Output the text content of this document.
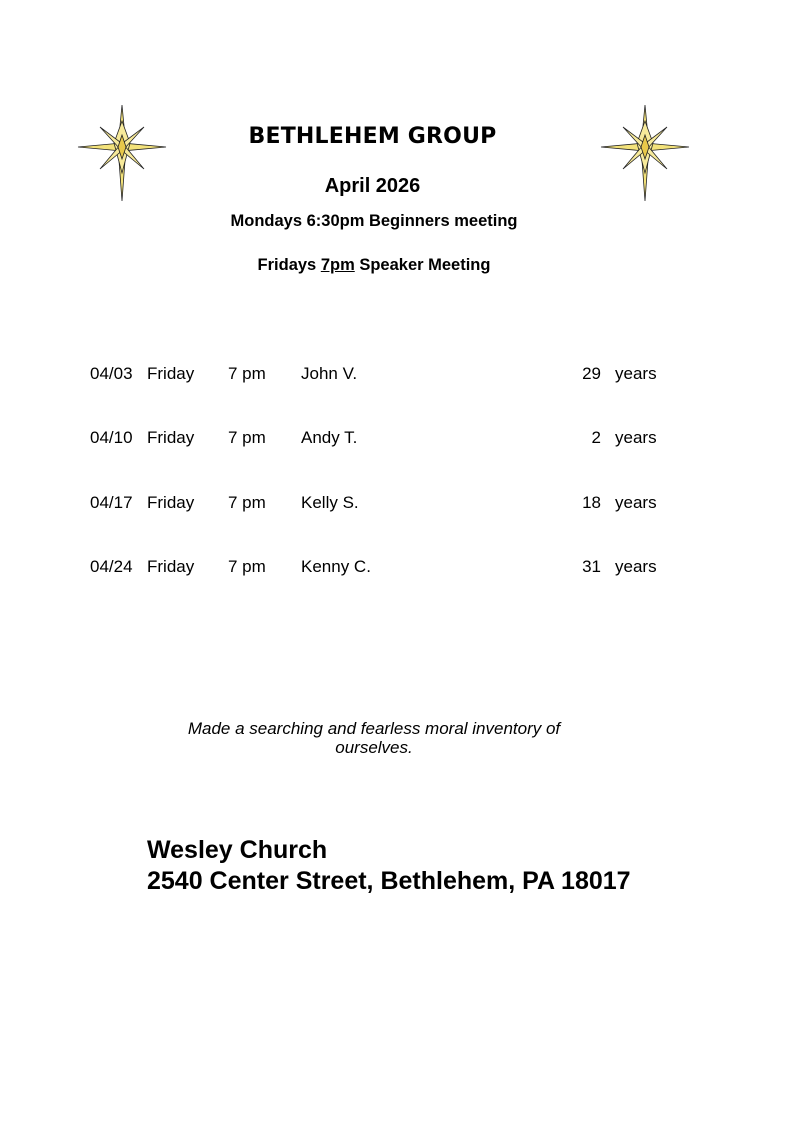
BETHLEHEM GROUP
April 2026
Mondays 6:30pm Beginners meeting
Fridays 7pm Speaker Meeting
04/03 Friday 7 pm John V.	29 years
04/10 Friday 7 pm Andy T.	2 years
04/17 Friday 7 pm Kelly S.	18 years
04/24 Friday 7 pm Kenny C.	31 years
Made a searching and fearless moral inventory of
ourselves.
Wesley Church
2540 Center Street, Bethlehem, PA 18017
